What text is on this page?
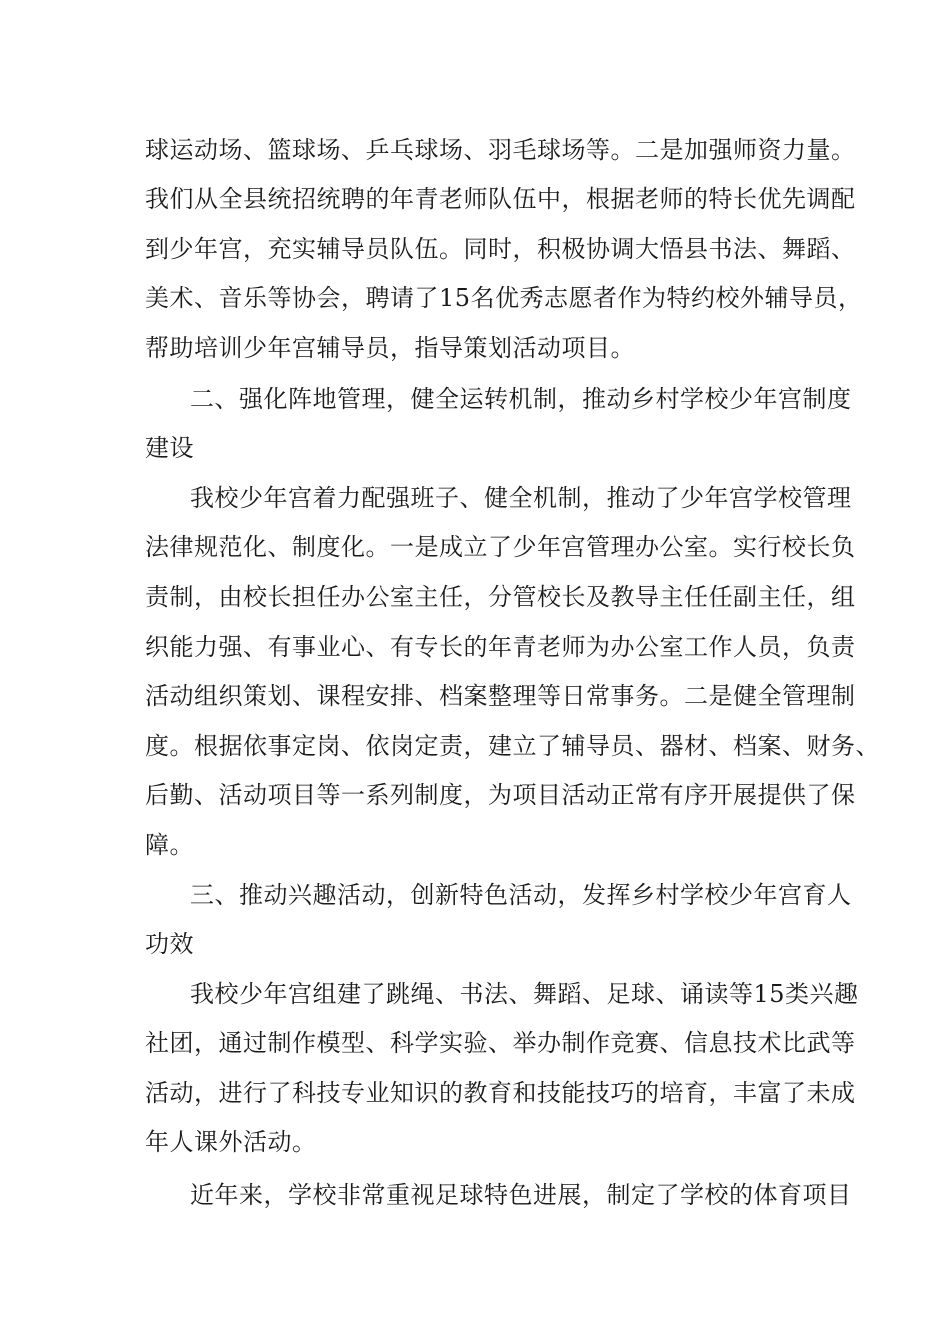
球运动场、篮球场、乒乓球场、羽毛球场等。二是加强师资力量。
我们从全县统招统聘的年青老师队伍中，根据老师的特长优先调配
到少年宫，充实辅导员队伍。同时，积极协调大悟县书法、舞蹈、
美术、音乐等协会，聘请了15名优秀志愿者作为特约校外辅导员，
帮助培训少年宫辅导员，指导策划活动项目。
二、强化阵地管理，健全运转机制，推动乡村学校少年宫制度
建设
我校少年宫着力配强班子、健全机制，推动了少年宫学校管理
法律规范化、制度化。一是成立了少年宫管理办公室。实行校长负
责制，由校长担任办公室主任，分管校长及教导主任任副主任，组
织能力强、有事业心、有专长的年青老师为办公室工作人员，负责
活动组织策划、课程安排、档案整理等日常事务。二是健全管理制
度。根据依事定岗、依岗定责，建立了辅导员、器材、档案、财务、
后勤、活动项目等一系列制度，为项目活动正常有序开展提供了保
障。
三、推动兴趣活动，创新特色活动，发挥乡村学校少年宫育人
功效
我校少年宫组建了跳绳、书法、舞蹈、足球、诵读等15类兴趣
社团，通过制作模型、科学实验、举办制作竞赛、信息技术比武等
活动，进行了科技专业知识的教育和技能技巧的培育，丰富了未成
年人课外活动。
近年来，学校非常重视足球特色进展，制定了学校的体育项目
